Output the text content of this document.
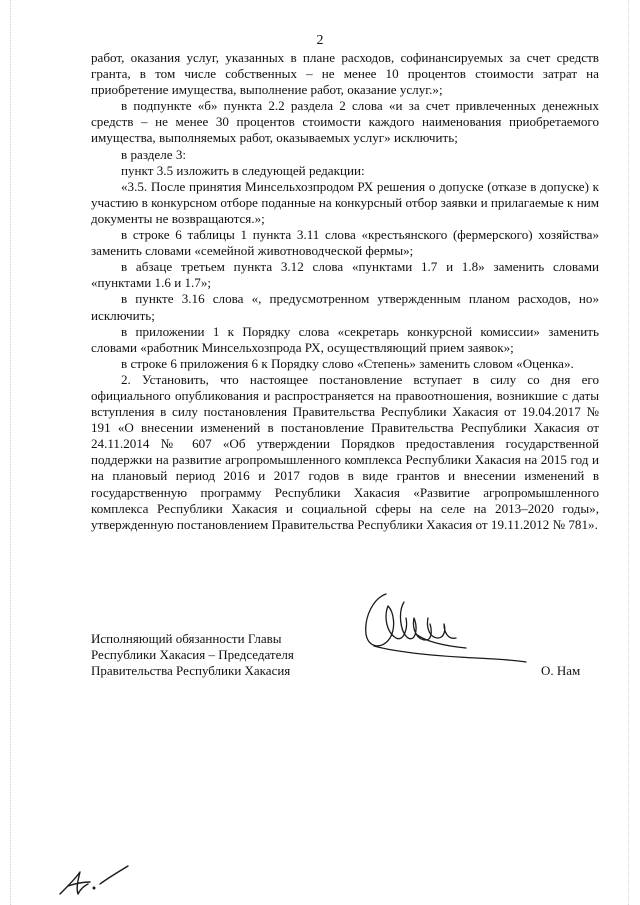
2

работ, оказания услуг, указанных в плане расходов, софинансируемых за счет средств гранта, в том числе собственных – не менее 10 процентов стоимости затрат на приобретение имущества, выполнение работ, оказание услуг.»;

в подпункте «б» пункта 2.2 раздела 2 слова «и за счет привлеченных денежных средств – не менее 30 процентов стоимости каждого наименования приобретаемого имущества, выполняемых работ, оказываемых услуг» исключить;

в разделе 3:

пункт 3.5 изложить в следующей редакции:

«3.5. После принятия Минсельхозпродом РХ решения о допуске (отказе в допуске) к участию в конкурсном отборе поданные на конкурсный отбор заявки и прилагаемые к ним документы не возвращаются.»;

в строке 6 таблицы 1 пункта 3.11 слова «крестьянского (фермерского) хозяйства» заменить словами «семейной животноводческой фермы»;

в абзаце третьем пункта 3.12 слова «пунктами 1.7 и 1.8» заменить словами «пунктами 1.6 и 1.7»;

в пункте 3.16 слова «, предусмотренном утвержденным планом расходов, но» исключить;

в приложении 1 к Порядку слова «секретарь конкурсной комиссии» заменить словами «работник Минсельхозпрода РХ, осуществляющий прием заявок»;

в строке 6 приложения 6 к Порядку слово «Степень» заменить словом «Оценка».

2. Установить, что настоящее постановление вступает в силу со дня его официального опубликования и распространяется на правоотношения, возникшие с даты вступления в силу постановления Правительства Республики Хакасия от 19.04.2017 № 191 «О внесении изменений в постановление Правительства Республики Хакасия от 24.11.2014 № 607 «Об утверждении Порядков предоставления государственной поддержки на развитие агропромышленного комплекса Республики Хакасия на 2015 год и на плановый период 2016 и 2017 годов в виде грантов и внесении изменений в государственную программу Республики Хакасия «Развитие агропромышленного комплекса Республики Хакасия и социальной сферы на селе на 2013–2020 годы», утвержденную постановлением Правительства Республики Хакасия от 19.11.2012 № 781».

Исполняющий обязанности Главы
Республики Хакасия – Председателя
Правительства Республики Хакасия	О. Нам
